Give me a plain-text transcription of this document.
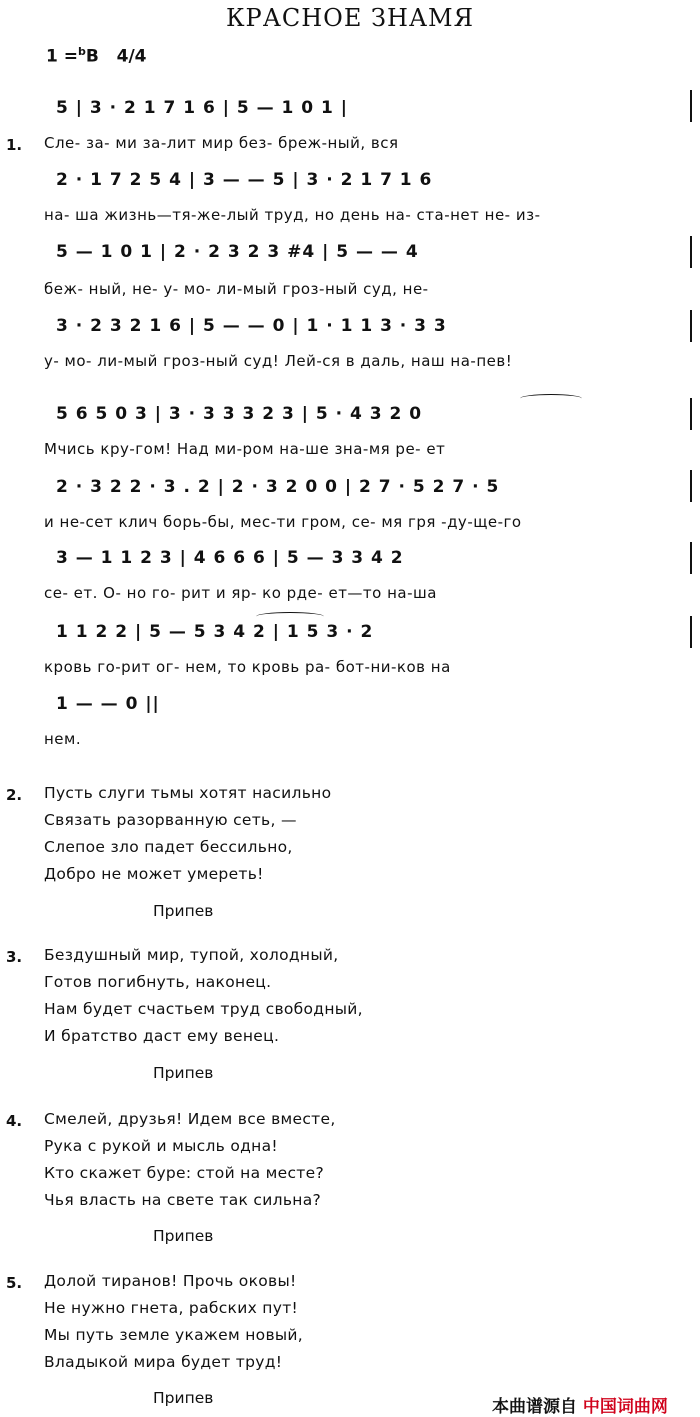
КРАСНОЕ ЗНАМЯ
1 =$^b$B 4/4
1.
5 | 3 · 2 1 7 1 6 | 5 — 1 0 1 |
Сле- за- ми за-лит мир без- бреж-ный, вся
2 · 1 7 2 5 4 | 3 — — 5 | 3 · 2 1 7 1 6
на- ша жизнь—тя-же-лый труд, но день на- ста-нет не- из-
5 — 1 0 1 | 2 · 2 3 2 3 #4 | 5 — — 4
беж- ный, не- у- мо- ли-мый гроз-ный суд, не-
3 · 2 3 2 1 6 | 5 — — 0 | 1 · 1 1 3 · 3 3
у- мо- ли-мый гроз-ный суд! Лей-ся в даль, наш на-пев!
5 6 5 0 3 | 3 · 3 3 3 2 3 | 5 · 4 3 2 0
Мчись кру-гом! Над ми-ром на-ше зна-мя ре- ет
2 · 3 2 2 · 3 . 2 | 2 · 3 2 0 0 | 2 7 · 5 2 7 · 5
и не-сет клич борь-бы, мес-ти гром, се- мя гря -ду-ще-го
3 — 1 1 2 3 | 4 6 6 6 | 5 — 3 3 4 2
се- ет. О- но го- рит и яр- ко рде- ет—то на-ша
1 1 2 2 | 5 — 5 3 4 2 | 1 5 3 · 2
кровь го-рит ог- нем, то кровь ра- бот-ни-ков на
1 — — 0 ||
нем.
2. Пусть слуги тьмы хотят насильно
Связать разорванную сеть, —
Слепое зло падет бессильно,
Добро не может умереть!
Припев
3. Бездушный мир, тупой, холодный,
Готов погибнуть, наконец.
Нам будет счастьем труд свободный,
И братство даст ему венец.
Припев
4. Смелей, друзья! Идем все вместе,
Рука с рукой и мысль одна!
Кто скажет буре: стой на месте?
Чья власть на свете так сильна?
Припев
5. Долой тиранов! Прочь оковы!
Не нужно гнета, рабских пут!
Мы путь земле укажем новый,
Владыкой мира будет труд!
Припев	本曲谱源自 中国词曲网
